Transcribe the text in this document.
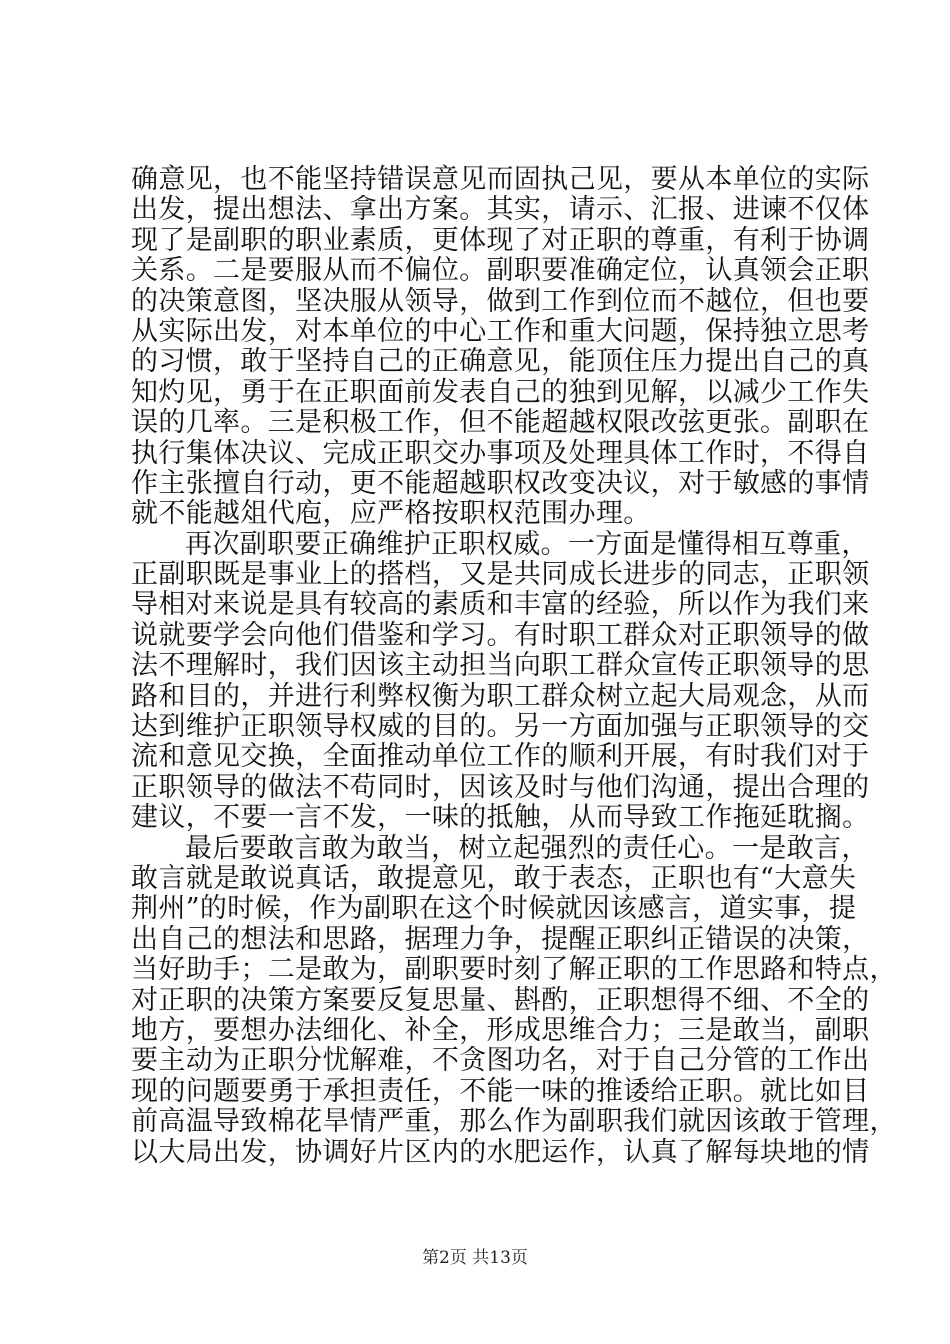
确意见，也不能坚持错误意见而固执己见，要从本单位的实际
出发，提出想法、拿出方案。其实，请示、汇报、进谏不仅体
现了是副职的职业素质，更体现了对正职的尊重，有利于协调
关系。二是要服从而不偏位。副职要准确定位，认真领会正职
的决策意图，坚决服从领导，做到工作到位而不越位，但也要
从实际出发，对本单位的中心工作和重大问题，保持独立思考
的习惯，敢于坚持自己的正确意见，能顶住压力提出自己的真
知灼见，勇于在正职面前发表自己的独到见解，以减少工作失
误的几率。三是积极工作，但不能超越权限改弦更张。副职在
执行集体决议、完成正职交办事项及处理具体工作时，不得自
作主张擅自行动，更不能超越职权改变决议，对于敏感的事情
就不能越俎代庖，应严格按职权范围办理。
再次副职要正确维护正职权威。一方面是懂得相互尊重，
正副职既是事业上的搭档，又是共同成长进步的同志，正职领
导相对来说是具有较高的素质和丰富的经验，所以作为我们来
说就要学会向他们借鉴和学习。有时职工群众对正职领导的做
法不理解时，我们因该主动担当向职工群众宣传正职领导的思
路和目的，并进行利弊权衡为职工群众树立起大局观念，从而
达到维护正职领导权威的目的。另一方面加强与正职领导的交
流和意见交换，全面推动单位工作的顺利开展，有时我们对于
正职领导的做法不苟同时，因该及时与他们沟通，提出合理的
建议，不要一言不发，一味的抵触，从而导致工作拖延耽搁。
最后要敢言敢为敢当，树立起强烈的责任心。一是敢言，
敢言就是敢说真话，敢提意见，敢于表态，正职也有“大意失
荆州”的时候，作为副职在这个时候就因该感言，道实事，提
出自己的想法和思路，据理力争，提醒正职纠正错误的决策，
当好助手；二是敢为，副职要时刻了解正职的工作思路和特点，
对正职的决策方案要反复思量、斟酌，正职想得不细、不全的
地方，要想办法细化、补全，形成思维合力；三是敢当，副职
要主动为正职分忧解难，不贪图功名，对于自己分管的工作出
现的问题要勇于承担责任，不能一味的推诿给正职。就比如目
前高温导致棉花旱情严重，那么作为副职我们就因该敢于管理，
以大局出发，协调好片区内的水肥运作，认真了解每块地的情
第2页 共13页
